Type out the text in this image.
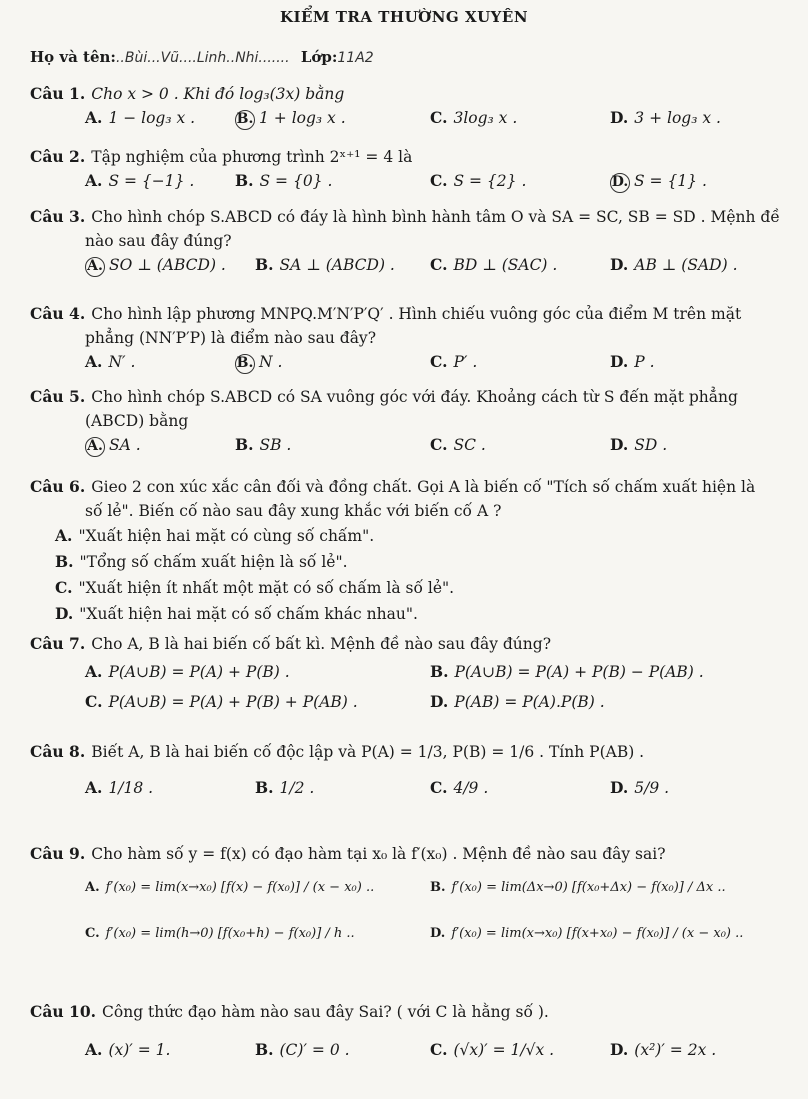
KIỂM TRA THƯỜNG XUYÊN
Họ và tên:..Bùi...Vũ....Linh..Nhi....... Lớp:11A2
Câu 1. Cho x > 0 . Khi đó log₃(3x) bằng
A. 1 − log₃ x .	B. 1 + log₃ x .	C. 3log₃ x .	D. 3 + log₃ x .
Câu 2. Tập nghiệm của phương trình 2ˣ⁺¹ = 4 là
A. S = {−1} .	B. S = {0} .	C. S = {2} .	D. S = {1} .
Câu 3. Cho hình chóp S.ABCD có đáy là hình bình hành tâm O và SA = SC, SB = SD . Mệnh đề
nào sau đây đúng?
A. SO ⊥ (ABCD) . B. SA ⊥ (ABCD) . C. BD ⊥ (SAC) .	D. AB ⊥ (SAD) .
Câu 4. Cho hình lập phương MNPQ.M′N′P′Q′ . Hình chiếu vuông góc của điểm M trên mặt
phẳng (NN′P′P) là điểm nào sau đây?
A. N′ .	B. N .	C. P′ .	D. P .
Câu 5. Cho hình chóp S.ABCD có SA vuông góc với đáy. Khoảng cách từ S đến mặt phẳng
(ABCD) bằng
A. SA .	B. SB .	C. SC .	D. SD .
Câu 6. Gieo 2 con xúc xắc cân đối và đồng chất. Gọi A là biến cố "Tích số chấm xuất hiện là
số lẻ". Biến cố nào sau đây xung khắc với biến cố A ?
A. "Xuất hiện hai mặt có cùng số chấm".
B. "Tổng số chấm xuất hiện là số lẻ".
C. "Xuất hiện ít nhất một mặt có số chấm là số lẻ".
D. "Xuất hiện hai mặt có số chấm khác nhau".
Câu 7. Cho A, B là hai biến cố bất kì. Mệnh đề nào sau đây đúng?
A. P(A∪B) = P(A) + P(B) .	B. P(A∪B) = P(A) + P(B) − P(AB) .
C. P(A∪B) = P(A) + P(B) + P(AB) .	D. P(AB) = P(A).P(B) .
Câu 8. Biết A, B là hai biến cố độc lập và P(A) = 1/3, P(B) = 1/6 . Tính P(AB) .
A. 1/18 .	B. 1/2 .	C. 4/9 .	D. 5/9 .
Câu 9. Cho hàm số y = f(x) có đạo hàm tại x₀ là f′(x₀) . Mệnh đề nào sau đây sai?
A. f′(x₀) = lim(x→x₀) [f(x) − f(x₀)] / (x − x₀) ..	B. f′(x₀) = lim(Δx→0) [f(x₀+Δx) − f(x₀)] / Δx ..
C. f′(x₀) = lim(h→0) [f(x₀+h) − f(x₀)] / h ..	D. f′(x₀) = lim(x→x₀) [f(x+x₀) − f(x₀)] / (x − x₀) ..
Câu 10. Công thức đạo hàm nào sau đây Sai? ( với C là hằng số ).
A. (x)′ = 1.	B. (C)′ = 0 .	C. (√x)′ = 1/√x .	D. (x²)′ = 2x .
